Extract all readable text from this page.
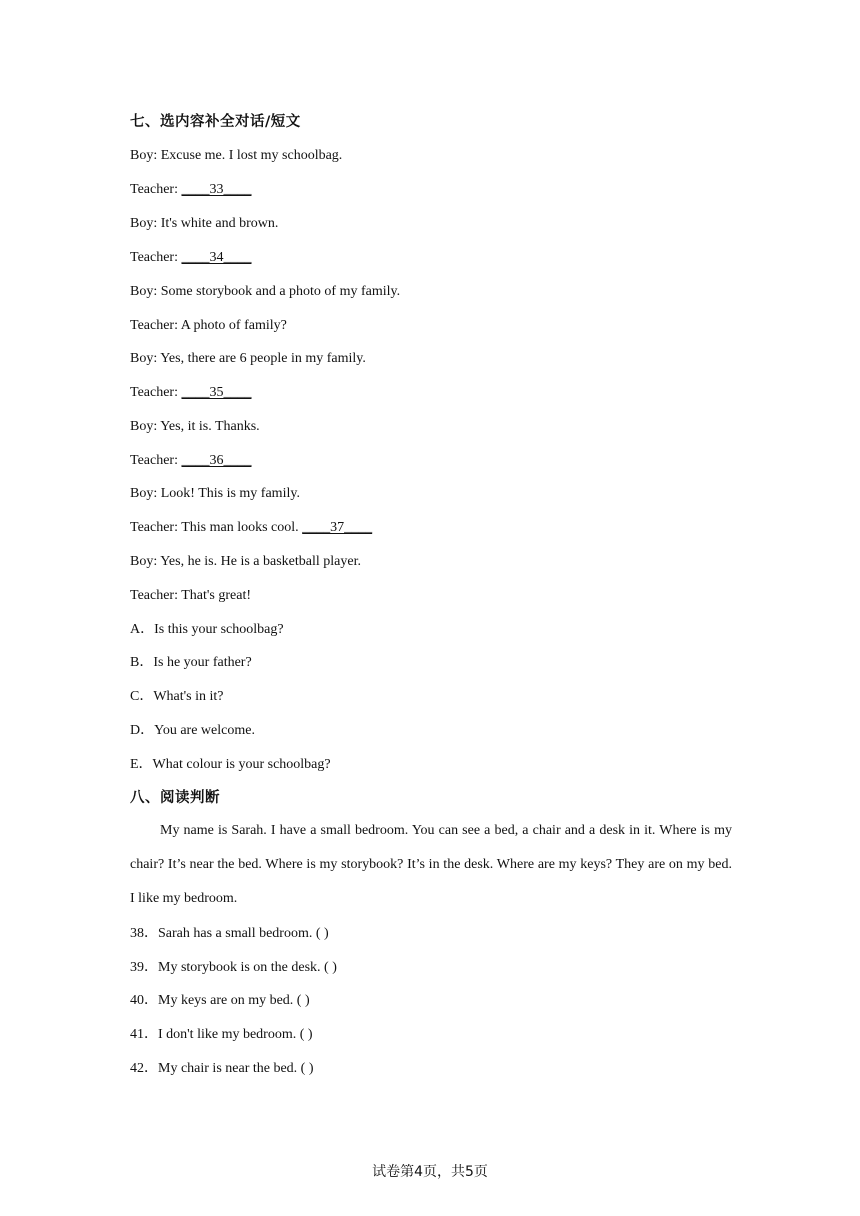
七、选内容补全对话/短文
Boy: Excuse me. I lost my schoolbag.
Teacher: ____33____
Boy: It's white and brown.
Teacher: ____34____
Boy: Some storybook and a photo of my family.
Teacher: A photo of family?
Boy: Yes, there are 6 people in my family.
Teacher: ____35____
Boy: Yes, it is. Thanks.
Teacher: ____36____
Boy: Look! This is my family.
Teacher: This man looks cool. ____37____
Boy: Yes, he is. He is a basketball player.
Teacher: That's great!
A．Is this your schoolbag?
B．Is he your father?
C．What's in it?
D．You are welcome.
E．What colour is your schoolbag?
八、阅读判断
My name is Sarah. I have a small bedroom. You can see a bed, a chair and a desk in it. Where is my chair? It’s near the bed. Where is my storybook? It’s in the desk. Where are my keys? They are on my bed. I like my bedroom.
38．Sarah has a small bedroom. ( )
39．My storybook is on the desk. ( )
40．My keys are on my bed. ( )
41．I don't like my bedroom. ( )
42．My chair is near the bed. ( )
试卷第4页，共5页
